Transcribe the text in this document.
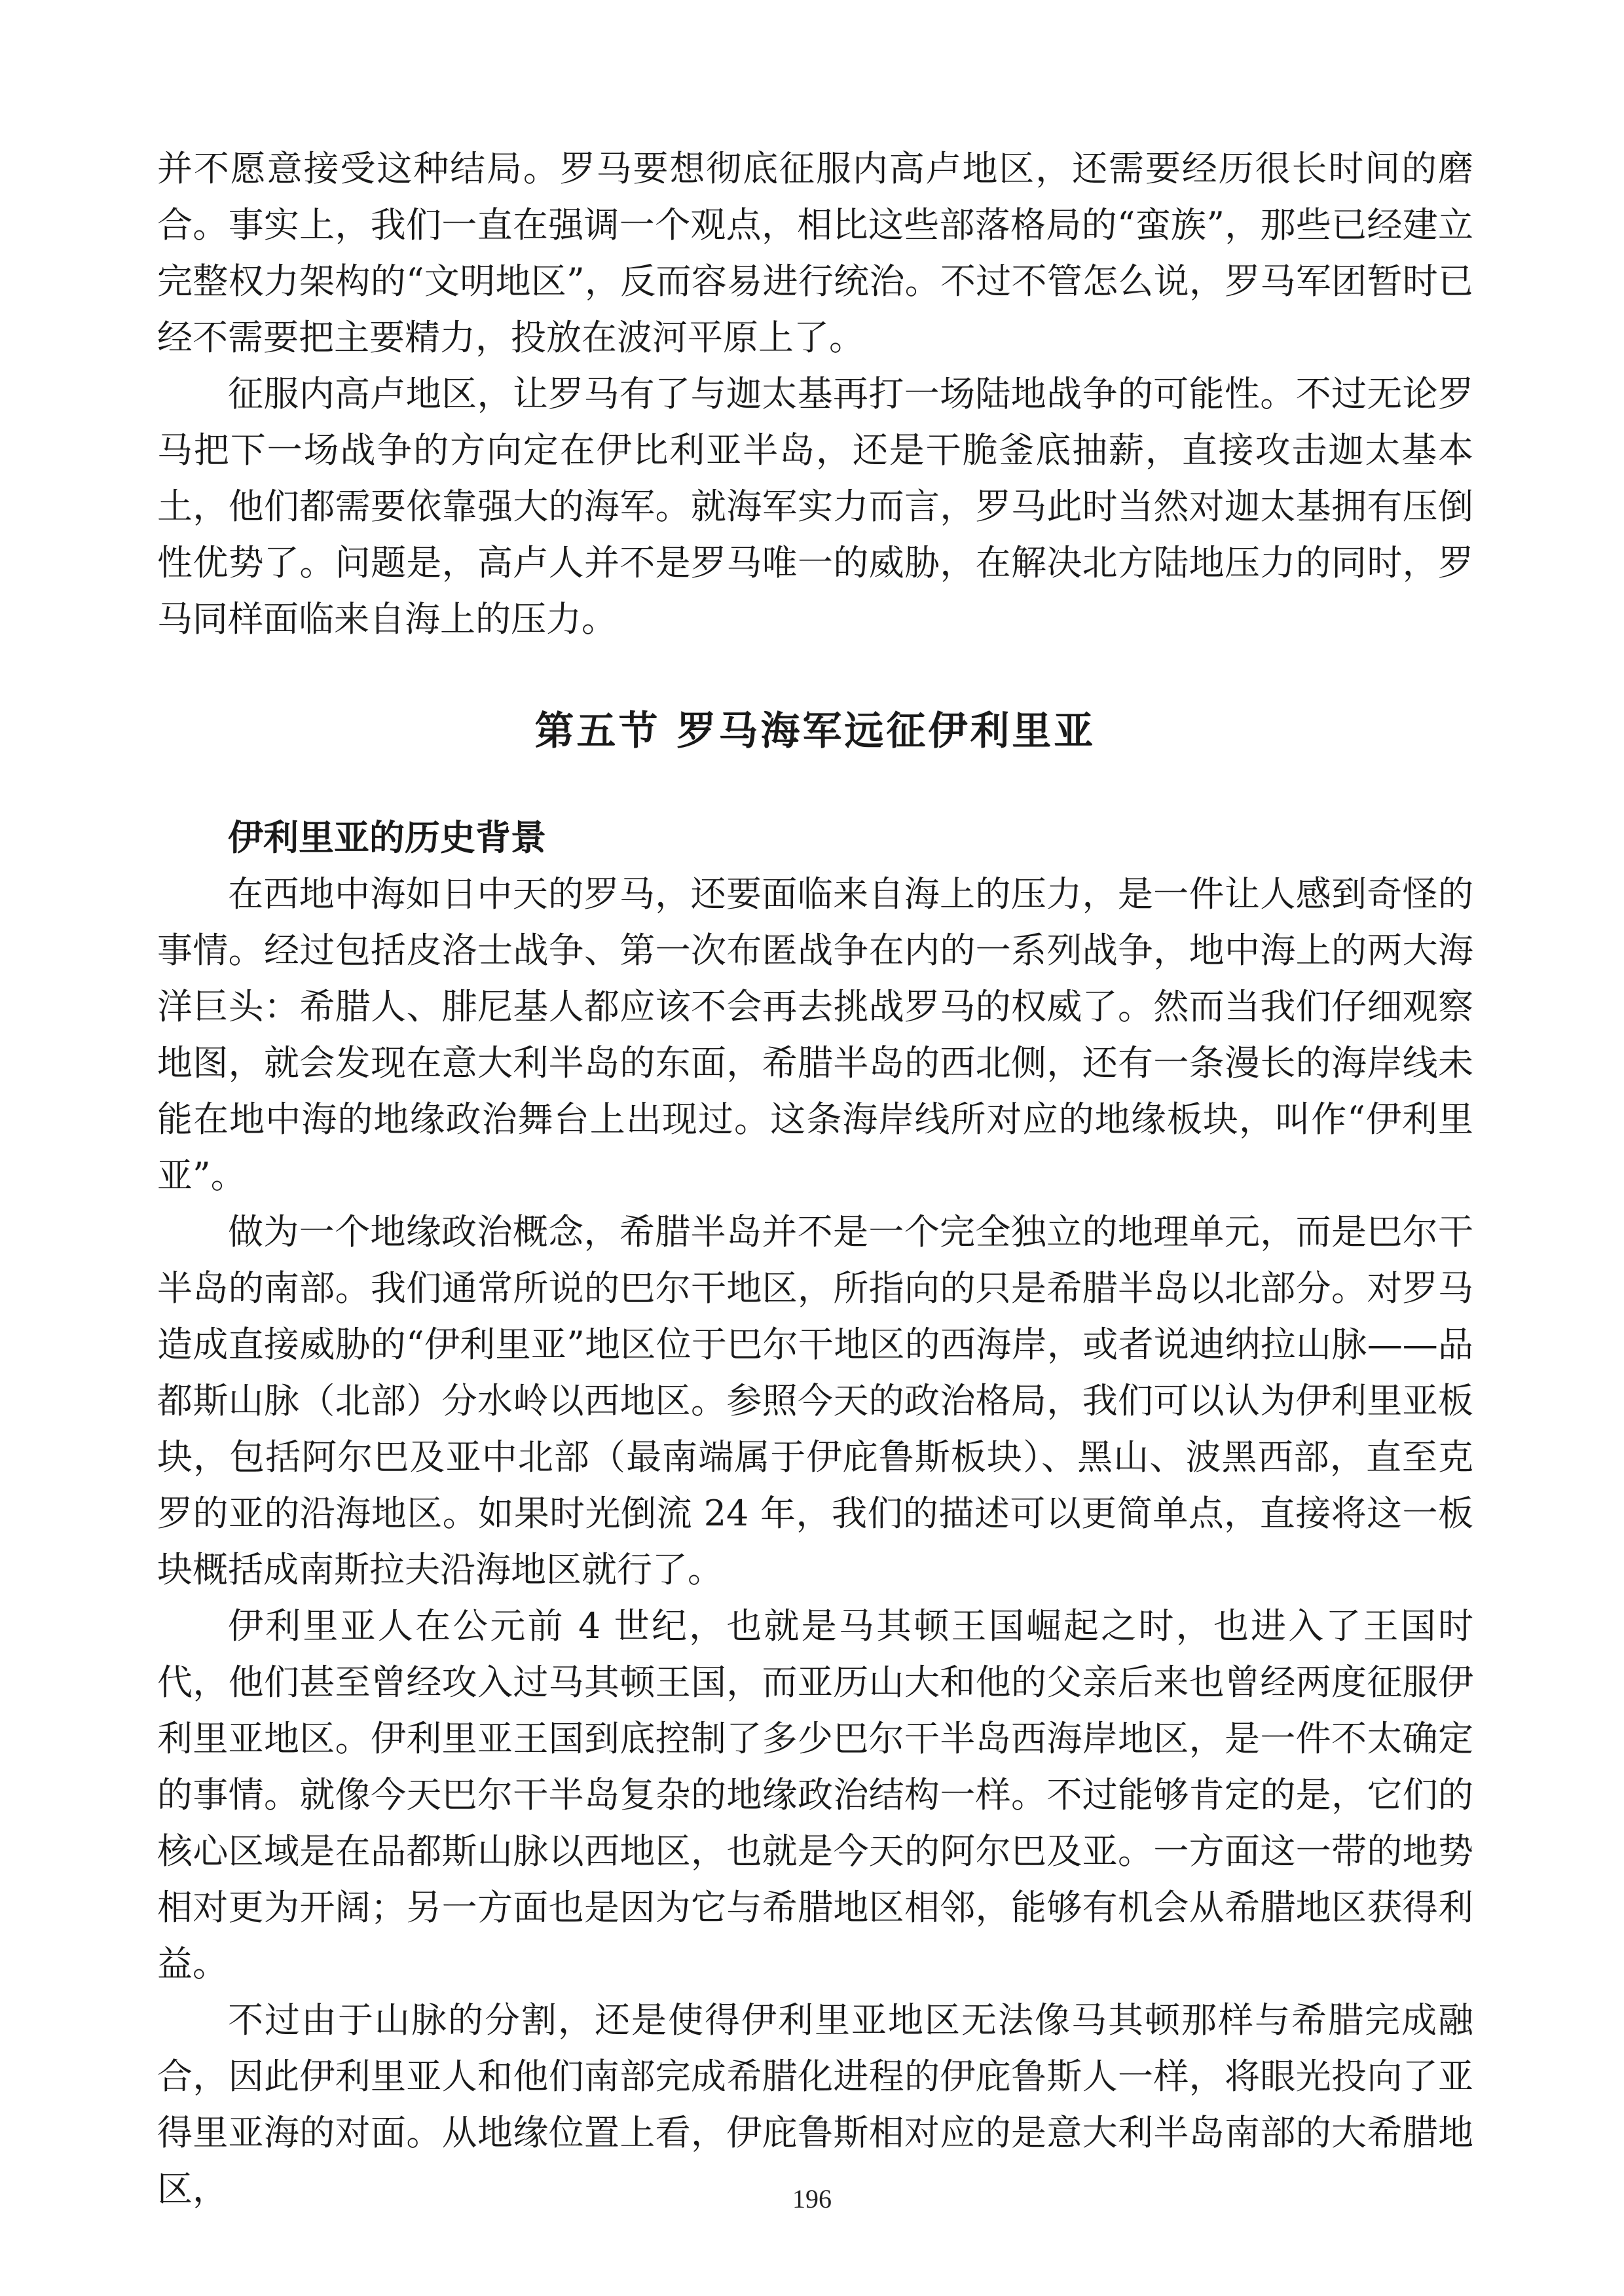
并不愿意接受这种结局。罗马要想彻底征服内高卢地区，还需要经历很长时间的磨合。事实上，我们一直在强调一个观点，相比这些部落格局的“蛮族”，那些已经建立完整权力架构的“文明地区”，反而容易进行统治。不过不管怎么说，罗马军团暂时已经不需要把主要精力，投放在波河平原上了。

征服内高卢地区，让罗马有了与迦太基再打一场陆地战争的可能性。不过无论罗马把下一场战争的方向定在伊比利亚半岛，还是干脆釜底抽薪，直接攻击迦太基本土，他们都需要依靠强大的海军。就海军实力而言，罗马此时当然对迦太基拥有压倒性优势了。问题是，高卢人并不是罗马唯一的威胁，在解决北方陆地压力的同时，罗马同样面临来自海上的压力。

第五节 罗马海军远征伊利里亚
伊利里亚的历史背景

在西地中海如日中天的罗马，还要面临来自海上的压力，是一件让人感到奇怪的事情。经过包括皮洛士战争、第一次布匿战争在内的一系列战争，地中海上的两大海洋巨头：希腊人、腓尼基人都应该不会再去挑战罗马的权威了。然而当我们仔细观察地图，就会发现在意大利半岛的东面，希腊半岛的西北侧，还有一条漫长的海岸线未能在地中海的地缘政治舞台上出现过。这条海岸线所对应的地缘板块，叫作“伊利里亚”。

做为一个地缘政治概念，希腊半岛并不是一个完全独立的地理单元，而是巴尔干半岛的南部。我们通常所说的巴尔干地区，所指向的只是希腊半岛以北部分。对罗马造成直接威胁的“伊利里亚”地区位于巴尔干地区的西海岸，或者说迪纳拉山脉——品都斯山脉（北部）分水岭以西地区。参照今天的政治格局，我们可以认为伊利里亚板块，包括阿尔巴及亚中北部（最南端属于伊庇鲁斯板块）、黑山、波黑西部，直至克罗的亚的沿海地区。如果时光倒流 24 年，我们的描述可以更简单点，直接将这一板块概括成南斯拉夫沿海地区就行了。

伊利里亚人在公元前 4 世纪，也就是马其顿王国崛起之时，也进入了王国时代，他们甚至曾经攻入过马其顿王国，而亚历山大和他的父亲后来也曾经两度征服伊利里亚地区。伊利里亚王国到底控制了多少巴尔干半岛西海岸地区，是一件不太确定的事情。就像今天巴尔干半岛复杂的地缘政治结构一样。不过能够肯定的是，它们的核心区域是在品都斯山脉以西地区，也就是今天的阿尔巴及亚。一方面这一带的地势相对更为开阔；另一方面也是因为它与希腊地区相邻，能够有机会从希腊地区获得利益。

不过由于山脉的分割，还是使得伊利里亚地区无法像马其顿那样与希腊完成融合，因此伊利里亚人和他们南部完成希腊化进程的伊庇鲁斯人一样，将眼光投向了亚得里亚海的对面。从地缘位置上看，伊庇鲁斯相对应的是意大利半岛南部的大希腊地区，	196
